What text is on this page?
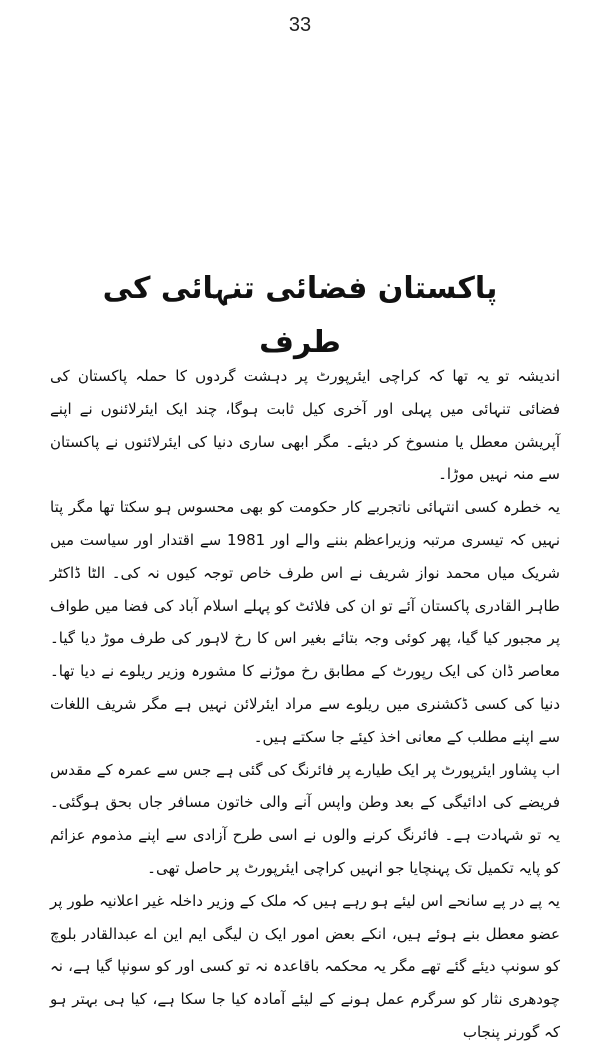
33
پاکستان فضائی تنہائی کی طرف

اندیشہ تو یہ تھا کہ کراچی ایئرپورٹ پر دہشت گردوں کا حملہ پاکستان کی فضائی تنہائی میں پہلی اور آخری کیل ثابت ہوگا، چند ایک ایئرلائنوں نے اپنے آپریشن معطل یا منسوخ کر دیئے۔ مگر ابھی ساری دنیا کی ایئرلائنوں نے پاکستان سے منہ نہیں موڑا۔

یہ خطرہ کسی انتہائی ناتجربے کار حکومت کو بھی محسوس ہو سکتا تھا مگر پتا نہیں کہ تیسری مرتبہ وزیراعظم بننے والے اور 1981 سے اقتدار اور سیاست میں شریک میاں محمد نواز شریف نے اس طرف خاص توجہ کیوں نہ کی۔ الٹا ڈاکٹر طاہر القادری پاکستان آئے تو ان کی فلائٹ کو پہلے اسلام آباد کی فضا میں طواف پر مجبور کیا گیا، پھر کوئی وجہ بتائے بغیر اس کا رخ لاہور کی طرف موڑ دیا گیا۔ معاصر ڈان کی ایک رپورٹ کے مطابق رخ موڑنے کا مشورہ وزیر ریلوے نے دیا تھا۔ دنیا کی کسی ڈکشنری میں ریلوے سے مراد ایئرلائن نہیں ہے مگر شریف اللغات سے اپنے مطلب کے معانی اخذ کیئے جا سکتے ہیں۔

اب پشاور ایئرپورٹ پر ایک طیارے پر فائرنگ کی گئی ہے جس سے عمرہ کے مقدس فریضے کی ادائیگی کے بعد وطن واپس آنے والی خاتون مسافر جاں بحق ہوگئی۔ یہ تو شہادت ہے۔ فائرنگ کرنے والوں نے اسی طرح آزادی سے اپنے مذموم عزائم کو پایہ تکمیل تک پہنچایا جو انہیں کراچی ایئرپورٹ پر حاصل تھی۔

یہ پے در پے سانحے اس لیئے ہو رہے ہیں کہ ملک کے وزیر داخلہ غیر اعلانیہ طور پر عضو معطل بنے ہوئے ہیں، انکے بعض امور ایک ن لیگی ایم این اے عبدالقادر بلوچ کو سونپ دیئے گئے تھے مگر یہ محکمہ باقاعدہ نہ تو کسی اور کو سونپا گیا ہے، نہ چودھری نثار کو سرگرم عمل ہونے کے لیئے آمادہ کیا جا سکا ہے، کیا ہی بہتر ہو کہ گورنر پنجاب
